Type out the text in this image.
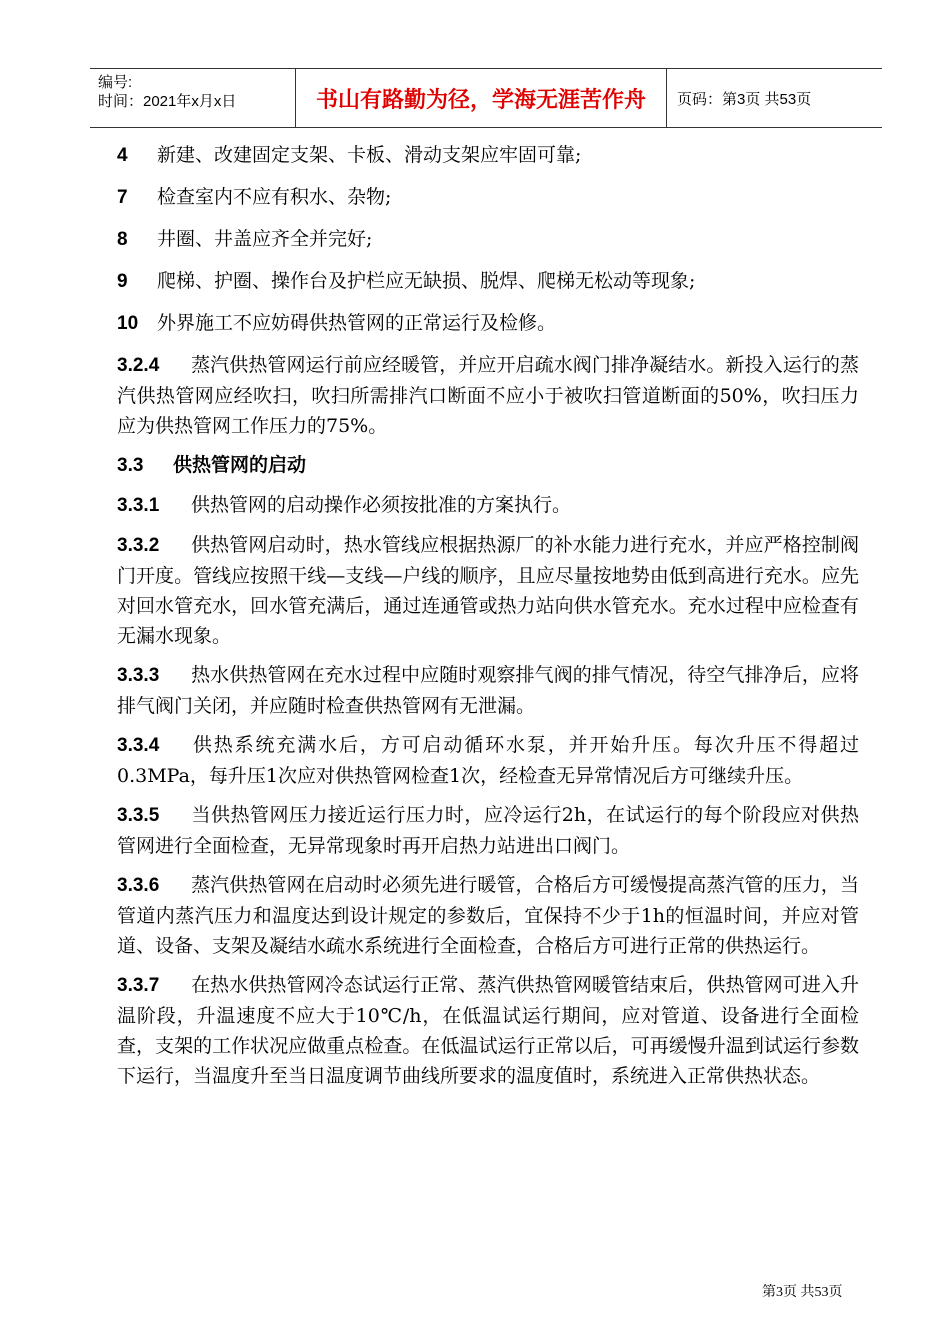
编号:
时间：2021年x月x日	书山有路勤为径，学海无涯苦作舟	页码：第3页 共53页
4 新建、改建固定支架、卡板、滑动支架应牢固可靠;
7 检查室内不应有积水、杂物;
8 井圈、井盖应齐全并完好;
9 爬梯、护圈、操作台及护栏应无缺损、脱焊、爬梯无松动等现象;
10 外界施工不应妨碍供热管网的正常运行及检修。
3.2.4 蒸汽供热管网运行前应经暖管，并应开启疏水阀门排净凝结水。新投入运行的蒸汽供热管网应经吹扫，吹扫所需排汽口断面不应小于被吹扫管道断面的50%，吹扫压力应为供热管网工作压力的75%。
3.3 供热管网的启动
3.3.1 供热管网的启动操作必须按批准的方案执行。
3.3.2 供热管网启动时，热水管线应根据热源厂的补水能力进行充水，并应严格控制阀门开度。管线应按照干线—支线—户线的顺序，且应尽量按地势由低到高进行充水。应先对回水管充水，回水管充满后，通过连通管或热力站向供水管充水。充水过程中应检查有无漏水现象。
3.3.3 热水供热管网在充水过程中应随时观察排气阀的排气情况，待空气排净后，应将排气阀门关闭，并应随时检查供热管网有无泄漏。
3.3.4 供热系统充满水后，方可启动循环水泵，并开始升压。每次升压不得超过0.3MPa，每升压1次应对供热管网检查1次，经检查无异常情况后方可继续升压。
3.3.5 当供热管网压力接近运行压力时，应冷运行2h，在试运行的每个阶段应对供热管网进行全面检查，无异常现象时再开启热力站进出口阀门。
3.3.6 蒸汽供热管网在启动时必须先进行暖管，合格后方可缓慢提高蒸汽管的压力，当管道内蒸汽压力和温度达到设计规定的参数后，宜保持不少于1h的恒温时间，并应对管道、设备、支架及凝结水疏水系统进行全面检查，合格后方可进行正常的供热运行。
3.3.7 在热水供热管网冷态试运行正常、蒸汽供热管网暖管结束后，供热管网可进入升温阶段，升温速度不应大于10℃/h，在低温试运行期间，应对管道、设备进行全面检查，支架的工作状况应做重点检查。在低温试运行正常以后，可再缓慢升温到试运行参数下运行，当温度升至当日温度调节曲线所要求的温度值时，系统进入正常供热状态。
第3页 共53页
